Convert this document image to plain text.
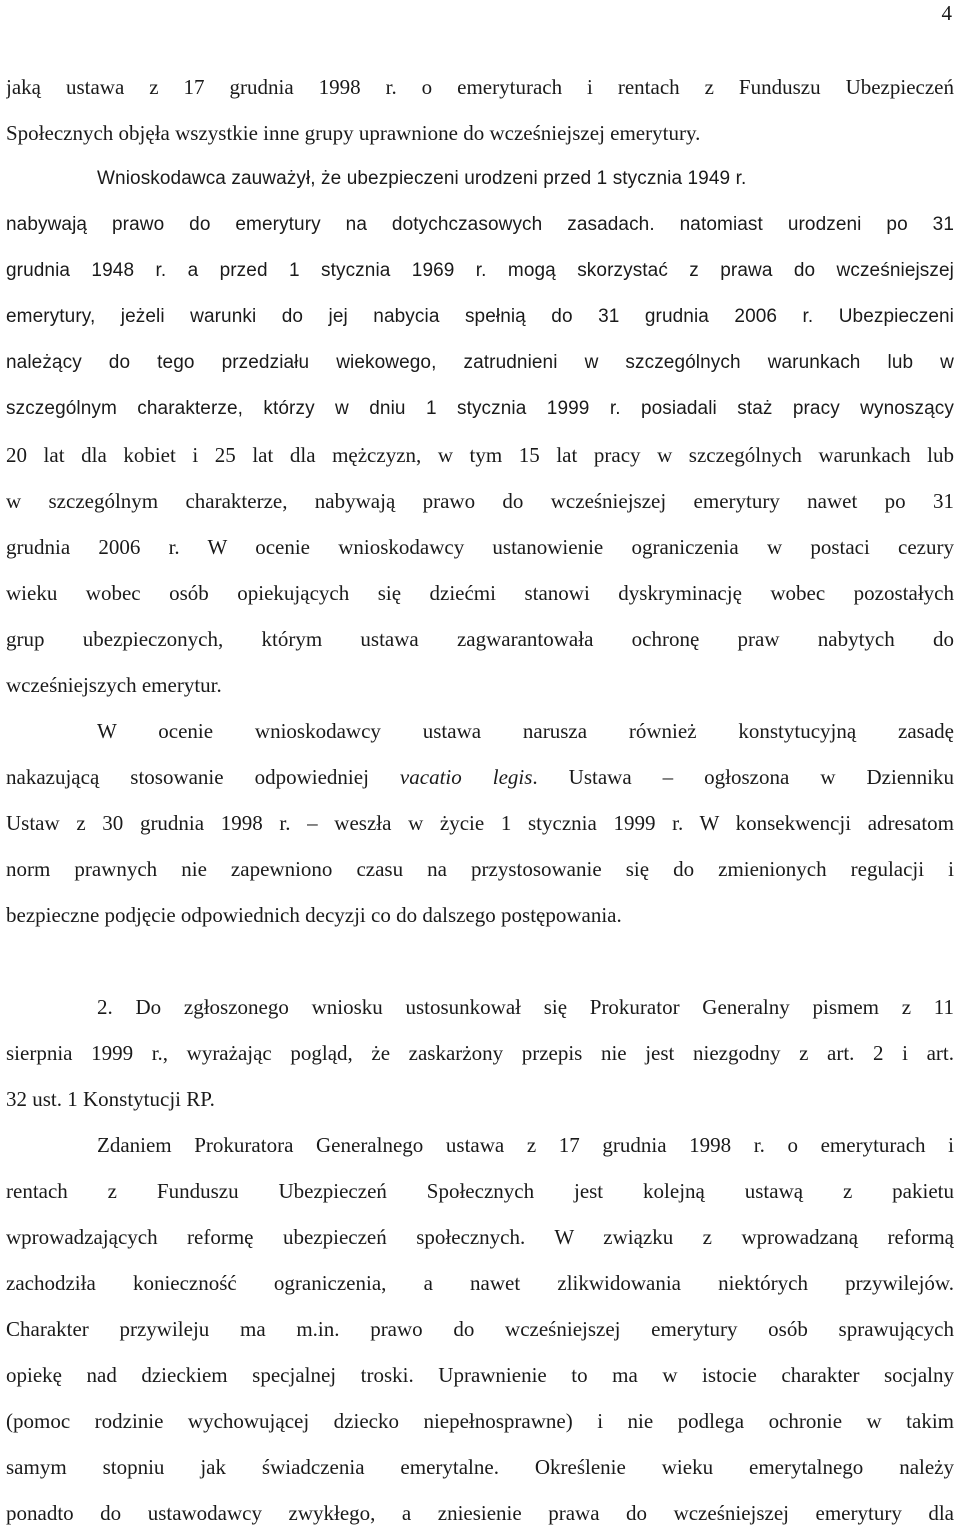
4
jaką ustawa z 17 grudnia 1998 r. o emeryturach i rentach z Funduszu Ubezpieczeń
Społecznych objęła wszystkie inne grupy uprawnione do wcześniejszej emerytury.
Wnioskodawca zauważył, że ubezpieczeni urodzeni przed 1 stycznia 1949 r.
nabywają prawo do emerytury na dotychczasowych zasadach. natomiast urodzeni po 31
grudnia 1948 r. a przed 1 stycznia 1969 r. mogą skorzystać z prawa do wcześniejszej
emerytury, jeżeli warunki do jej nabycia spełnią do 31 grudnia 2006 r. Ubezpieczeni
należący do tego przedziału wiekowego, zatrudnieni w szczególnych warunkach lub w
szczególnym charakterze, którzy w dniu 1 stycznia 1999 r. posiadali staż pracy wynoszący
20 lat dla kobiet i 25 lat dla mężczyzn, w tym 15 lat pracy w szczególnych warunkach lub
w szczególnym charakterze, nabywają prawo do wcześniejszej emerytury nawet po 31
grudnia 2006 r. W ocenie wnioskodawcy ustanowienie ograniczenia w postaci cezury
wieku wobec osób opiekujących się dziećmi stanowi dyskryminację wobec pozostałych
grup ubezpieczonych, którym ustawa zagwarantowała ochronę praw nabytych do
wcześniejszych emerytur.
W ocenie wnioskodawcy ustawa narusza również konstytucyjną zasadę
nakazującą stosowanie odpowiedniej vacatio legis. Ustawa – ogłoszona w Dzienniku
Ustaw z 30 grudnia 1998 r. – weszła w życie 1 stycznia 1999 r. W konsekwencji adresatom
norm prawnych nie zapewniono czasu na przystosowanie się do zmienionych regulacji i
bezpieczne podjęcie odpowiednich decyzji co do dalszego postępowania.
2. Do zgłoszonego wniosku ustosunkował się Prokurator Generalny pismem z 11
sierpnia 1999 r., wyrażając pogląd, że zaskarżony przepis nie jest niezgodny z art. 2 i art.
32 ust. 1 Konstytucji RP.
Zdaniem Prokuratora Generalnego ustawa z 17 grudnia 1998 r. o emeryturach i
rentach z Funduszu Ubezpieczeń Społecznych jest kolejną ustawą z pakietu
wprowadzających reformę ubezpieczeń społecznych. W związku z wprowadzaną reformą
zachodziła konieczność ograniczenia, a nawet zlikwidowania niektórych przywilejów.
Charakter przywileju ma m.in. prawo do wcześniejszej emerytury osób sprawujących
opiekę nad dzieckiem specjalnej troski. Uprawnienie to ma w istocie charakter socjalny
(pomoc rodzinie wychowującej dziecko niepełnosprawne) i nie podlega ochronie w takim
samym stopniu jak świadczenia emerytalne. Określenie wieku emerytalnego należy
ponadto do ustawodawcy zwykłego, a zniesienie prawa do wcześniejszej emerytury dla
